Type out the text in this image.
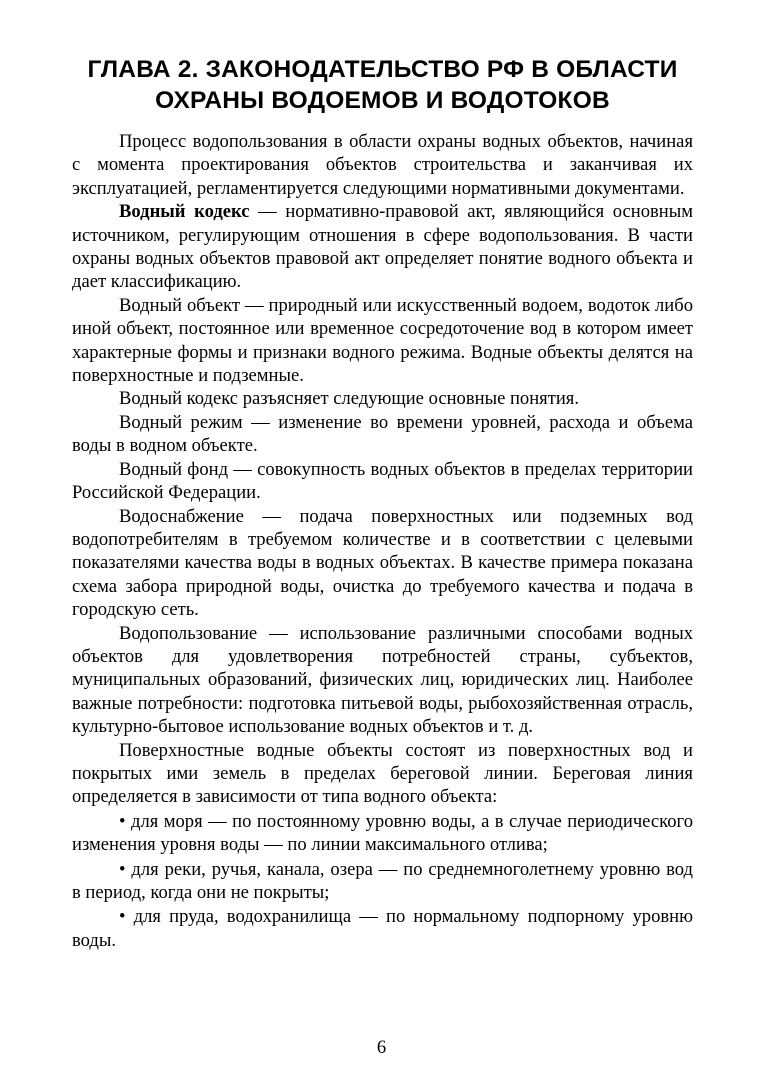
ГЛАВА 2. ЗАКОНОДАТЕЛЬСТВО РФ В ОБЛАСТИ
ОХРАНЫ ВОДОЕМОВ И ВОДОТОКОВ

Процесс водопользования в области охраны водных объектов, начиная с момента проектирования объектов строительства и заканчивая их эксплуатацией, регламентируется следующими нормативными документами.

Водный кодекс — нормативно-правовой акт, являющийся основным источником, регулирующим отношения в сфере водопользования. В части охраны водных объектов правовой акт определяет понятие водного объекта и дает классификацию.

Водный объект — природный или искусственный водоем, водоток либо иной объект, постоянное или временное сосредоточение вод в котором имеет характерные формы и признаки водного режима. Водные объекты делятся на поверхностные и подземные.

Водный кодекс разъясняет следующие основные понятия.

Водный режим — изменение во времени уровней, расхода и объема воды в водном объекте.

Водный фонд — совокупность водных объектов в пределах территории Российской Федерации.

Водоснабжение — подача поверхностных или подземных вод водопотребителям в требуемом количестве и в соответствии с целевыми показателями качества воды в водных объектах. В качестве примера показана схема забора природной воды, очистка до требуемого качества и подача в городскую сеть.

Водопользование — использование различными способами водных объектов для удовлетворения потребностей страны, субъектов, муниципальных образований, физических лиц, юридических лиц. Наиболее важные потребности: подготовка питьевой воды, рыбохозяйственная отрасль, культурно-бытовое использование водных объектов и т. д.

Поверхностные водные объекты состоят из поверхностных вод и покрытых ими земель в пределах береговой линии. Береговая линия определяется в зависимости от типа водного объекта:

• для моря — по постоянному уровню воды, а в случае периодического изменения уровня воды — по линии максимального отлива;

• для реки, ручья, канала, озера — по среднемноголетнему уровню вод в период, когда они не покрыты;

• для пруда, водохранилища — по нормальному подпорному уровню воды.

6
